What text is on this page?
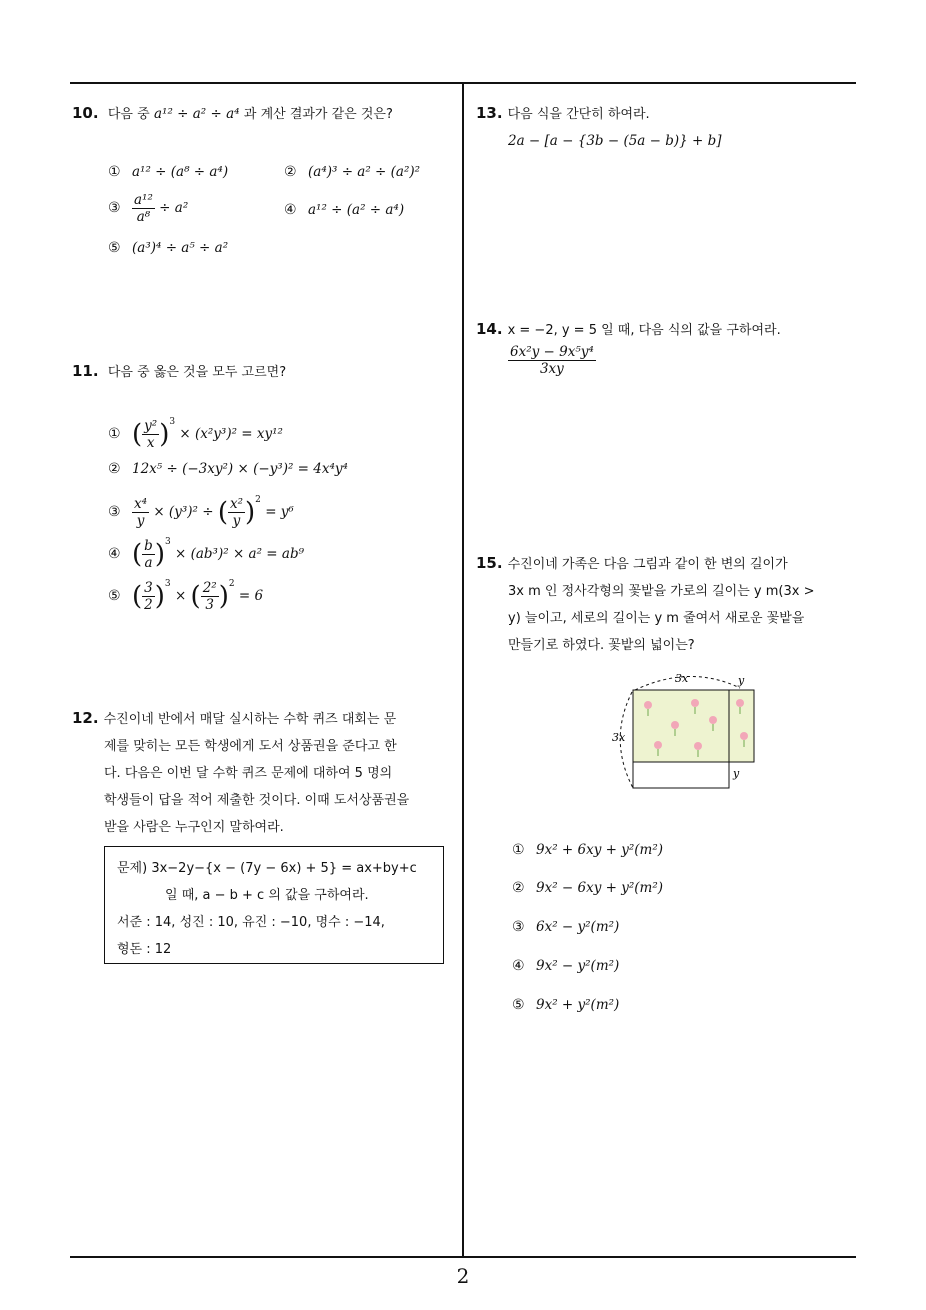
10. 다음 중 a¹² ÷ a² ÷ a⁴ 과 계산 결과가 같은 것은?
① a¹² ÷ (a⁸ ÷ a⁴)	② (a⁴)³ ÷ a² ÷ (a²)²
③ $\frac{\text{a¹²}}{\text{a⁸}} \div a^2$	④ a¹² ÷ (a² ÷ a⁴)
⑤ (a³)⁴ ÷ a⁵ ÷ a²
11. 다음 중 옳은 것을 모두 고르면?
① ( $\frac{\text{y²}}{x} )^3 \times (x^2y^3)^2 = xy^{12}$
② 12x⁵ ÷ (−3xy²) × (−y³)² = 4x⁴y⁴
③ $\frac{\text{x⁴}}{y} \times (y^3)^2$ ÷ ( $\frac{\text{x²}}{y} )^2 = y^6$
④ ( $\frac{b}{a} )^3 \times (ab^3)^2 \times a^2 = ab^9$
⑤ ( $\frac{3}{2} )^3$ × ( $\frac{\text{2²}}{3} )^2 = 6$
12. 수진이네 반에서 매달 실시하는 수학 퀴즈 대회는 문
제를 맞히는 모든 학생에게 도서 상품권을 준다고 한
다. 다음은 이번 달 수학 퀴즈 문제에 대하여 5 명의
학생들이 답을 적어 제출한 것이다. 이때 도서상품권을
받을 사람은 누구인지 말하여라.
문제) 3x−2y−{x − (7y − 6x) + 5} = ax+by+c
일 때, a − b + c 의 값을 구하여라.
서준 : 14, 성진 : 10, 유진 : −10, 명수 : −14,
형돈 : 12
13. 다음 식을 간단히 하여라.
2a − [a − {3b − (5a − b)} + b]
14. x = −2, y = 5 일 때, 다음 식의 값을 구하여라.
$\frac{\text{6x²y − 9x⁵y⁴}}{3xy}$
15. 수진이네 가족은 다음 그림과 같이 한 변의 길이가
3x m 인 정사각형의 꽃밭을 가로의 길이는 y m(3x >
y) 늘이고, 세로의 길이는 y m 줄여서 새로운 꽃밭을
만들기로 하였다. 꽃밭의 넓이는?
3x	y
3x
y
① 9x² + 6xy + y²(m²)
② 9x² − 6xy + y²(m²)
③ 6x² − y²(m²)
④ 9x² − y²(m²)
⑤ 9x² + y²(m²)
2
